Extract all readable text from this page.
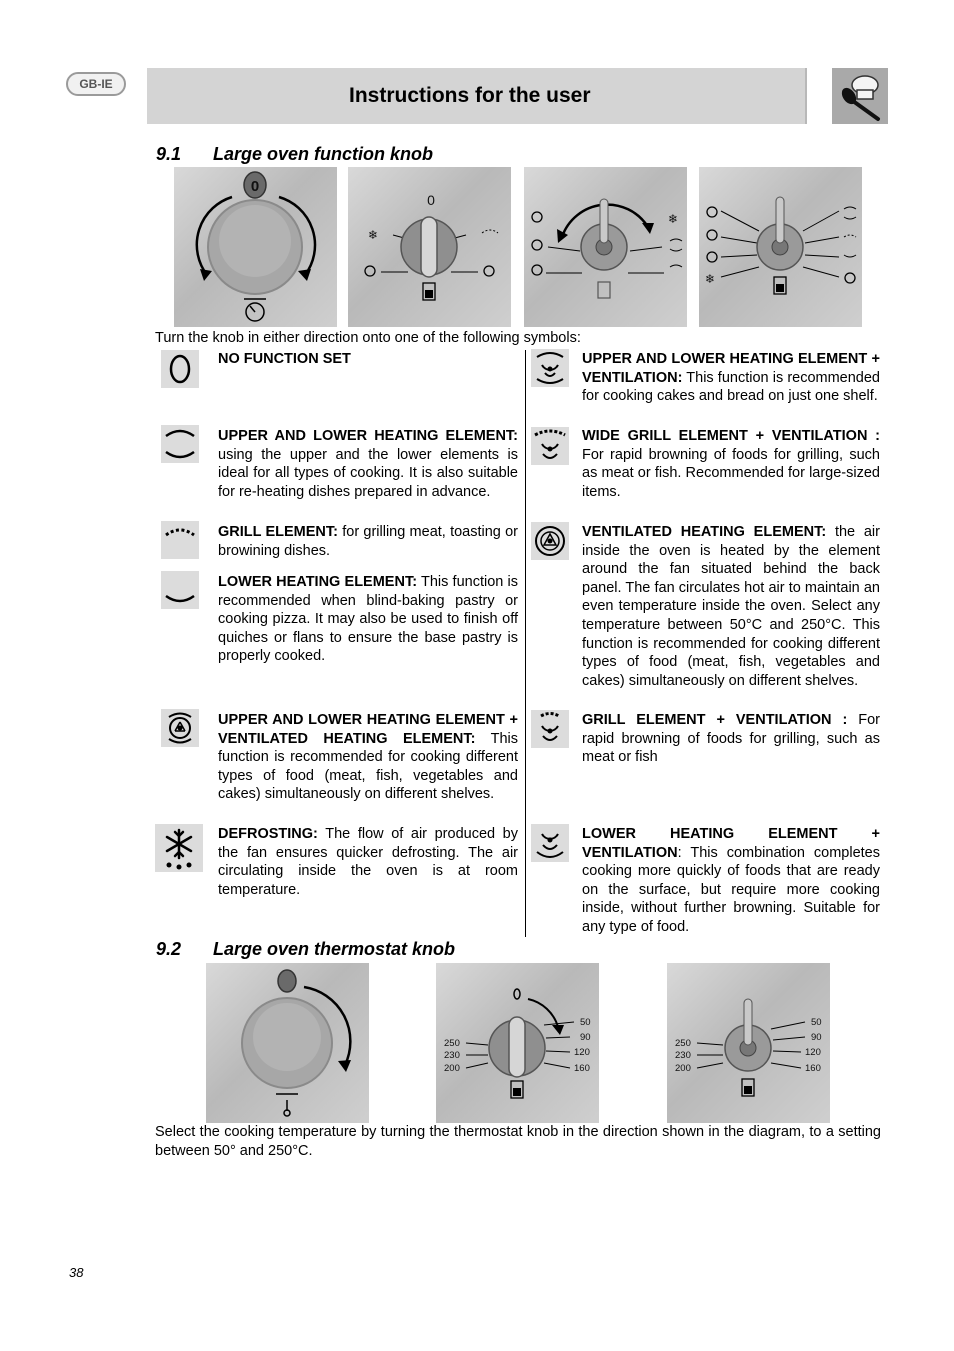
GB-IE	Instructions for the user
9.1 Large oven function knob
0
0
❄
❄
❄
Turn the knob in either direction onto one of the following symbols:
NO FUNCTION SET
UPPER AND LOWER HEATING ELEMENT: using the upper and the lower elements is ideal for all types of cooking. It is also suitable for re-heating dishes prepared in advance.
GRILL ELEMENT: for grilling meat, toasting or browining dishes.
LOWER HEATING ELEMENT: This function is recommended when blind-baking pastry or cooking pizza. It may also be used to finish off quiches or flans to ensure the base pastry is properly cooked.
UPPER AND LOWER HEATING ELEMENT + VENTILATED HEATING ELEMENT: This function is recommended for cooking different types of food (meat, fish, vegetables and cakes) simultaneously on different shelves.
DEFROSTING: The flow of air produced by the fan ensures quicker defrosting. The air circulating inside the oven is at room temperature.
UPPER AND LOWER HEATING ELEMENT + VENTILATION: This function is recommended for cooking cakes and bread on just one shelf.
WIDE GRILL ELEMENT + VENTILATION : For rapid browning of foods for grilling, such as meat or fish. Recommended for large-sized items.
VENTILATED HEATING ELEMENT: the air inside the oven is heated by the element around the fan situated behind the back panel. The fan circulates hot air to maintain an even temperature inside the oven. Select any temperature between 50°C and 250°C. This function is recommended for cooking different types of food (meat, fish, vegetables and cakes) simultaneously on different shelves.
GRILL ELEMENT + VENTILATION : For rapid browning of foods for grilling, such as meat or fish
LOWER HEATING ELEMENT + VENTILATION: This combination completes cooking more quickly of foods that are ready on the surface, but require more cooking inside, without further browning. Suitable for any type of food.
9.2 Large oven thermostat knob
250
230
200
50
90
120
160
250
230
200
50
90
120
160
Select the cooking temperature by turning the thermostat knob in the direction shown in the diagram, to a setting between 50° and 250°C.
38
